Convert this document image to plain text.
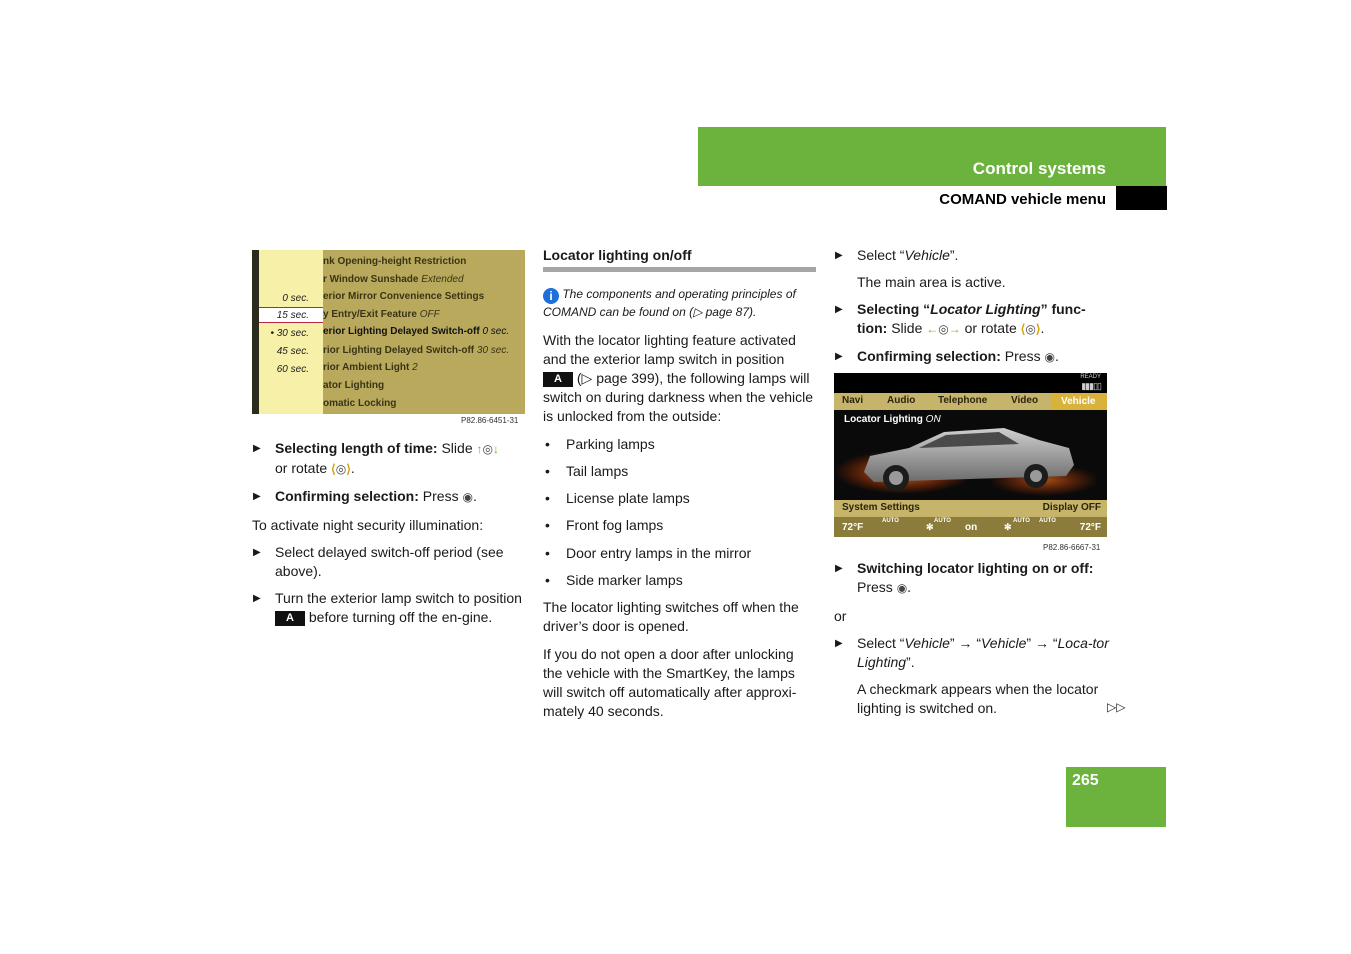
Control systems
COMAND vehicle menu
0 sec.
15 sec.
• 30 sec.
45 sec.
60 sec.
nk Opening-height Restriction
r Window Sunshade Extended
erior Mirror Convenience Settings
y Entry/Exit Feature OFF
erior Lighting Delayed Switch-off 0 sec.
rior Lighting Delayed Switch-off 30 sec.
rior Ambient Light 2
ator Lighting
omatic Locking
P82.86-6451-31
▶ Selecting length of time: Slide ↑◎↓
or rotate ⟨◎⟩.
▶ Confirming selection: Press ◉.

To activate night security illumination:

▶ Select delayed switch-off period (see above).
▶ Turn the exterior lamp switch to position A before turning off the en-gine.
Locator lighting on/off
i The components and operating principles of COMAND can be found on (▷ page 87).

With the locator lighting feature activated and the exterior lamp switch in position A (▷ page 399), the following lamps will switch on during darkness when the vehicle is unlocked from the outside:

• Parking lamps
• Tail lamps
• License plate lamps
• Front fog lamps
• Door entry lamps in the mirror
• Side marker lamps

The locator lighting switches off when the driver’s door is opened.

If you do not open a door after unlocking the vehicle with the SmartKey, the lamps will switch off automatically after approxi-mately 40 seconds.

▶ Select “Vehicle”.

The main area is active.

▶ Selecting “Locator Lighting” func-tion: Slide ←◎→ or rotate ⟨◎⟩.
▶ Confirming selection: Press ◉.
READY
▮▮▮▯▯
Navi Audio Telephone Video	Vehicle
Locator Lighting ON
System Settings	Display OFF
72°F
AUTO
✻
AUTO
on	✻
AUTO AUTO
72°F
P82.86-6667-31
▶ Switching locator lighting on or off:
Press ◉.

or

▶ Select “Vehicle” → “Vehicle” → “Loca-tor Lighting”.

A checkmark appears when the locator lighting is switched on.	▷▷
265
